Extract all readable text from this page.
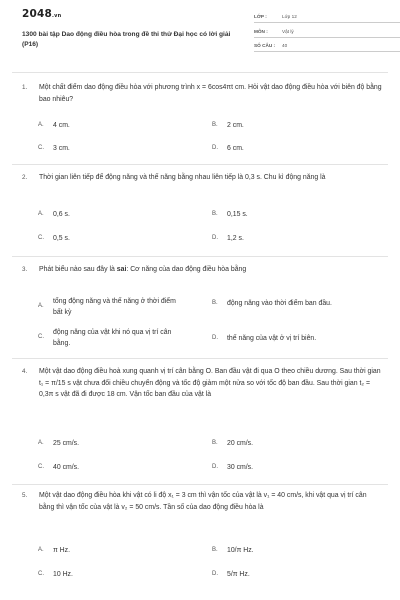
2048.vn
1300 bài tập Dao động điều hòa trong đề thi thử Đại học có lời giải (P16)
LỚP :	Lớp 12
MÔN :	Vật lý
SỐ CÂU : 40
1. Một chất điểm dao động điều hòa với phương trình x = 6cos4πt cm. Hỏi vật dao động điều hòa với biên độ bằng bao nhiêu?
A. 4 cm.	B. 2 cm.
C. 3 cm.	D. 6 cm.
2. Thời gian liên tiếp để động năng và thế năng bằng nhau liên tiếp là 0,3 s. Chu kì động năng là
A. 0,6 s.	B. 0,15 s.
C. 0,5 s.	D. 1,2 s.
3. Phát biểu nào sau đây là sai: Cơ năng của dao động điều hòa bằng
A.
tổng động năng và thế năng ở thời điểm bất kỳ
B. động năng vào thời điểm ban đầu.
C.
động năng của vật khi nó qua vị trí cân bằng.
D. thế năng của vật ở vị trí biên.
4. Một vật dao động điều hoà xung quanh vị trí cân bằng O. Ban đầu vật đi qua O theo chiều dương. Sau thời gian t₁ = π/15 s vật chưa đổi chiều chuyển động và tốc độ giảm một nửa so với tốc độ ban đầu. Sau thời gian t₂ = 0,3π s vật đã đi được 18 cm. Vận tốc ban đầu của vật là
A. 25 cm/s.	B. 20 cm/s.
C. 40 cm/s.	D. 30 cm/s.
5. Một vật dao động điều hòa khi vật có li độ x₁ = 3 cm thì vận tốc của vật là v₁ = 40 cm/s, khi vật qua vị trí cân bằng thì vận tốc của vật là v₂ = 50 cm/s. Tần số của dao động điều hòa là
A. π Hz.	B. 10/π Hz.
C. 10 Hz.	D. 5/π Hz.
